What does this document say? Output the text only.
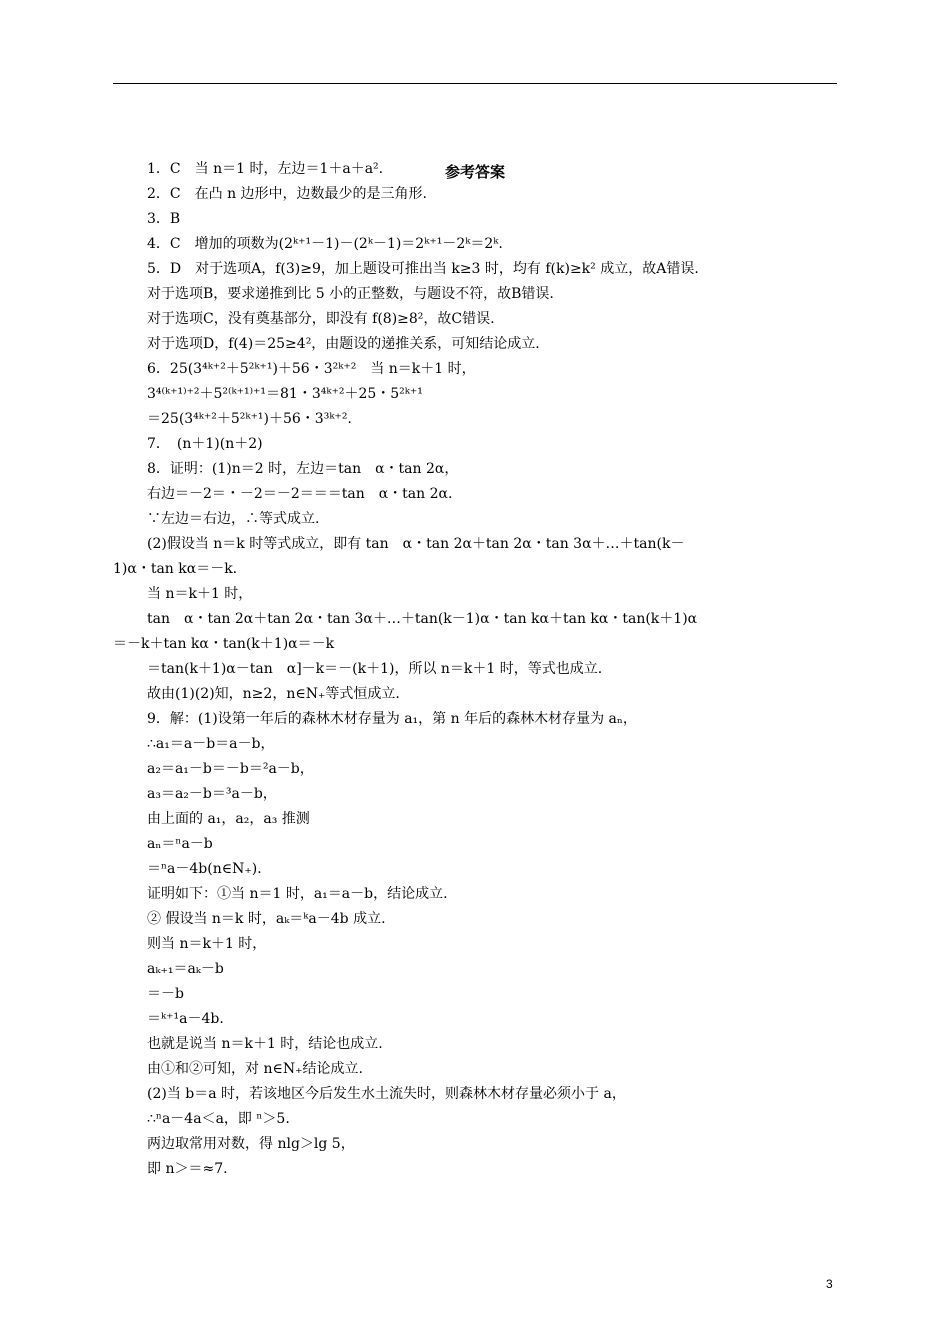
参考答案
1．C　当 n＝1 时，左边＝1＋a＋a².
2．C　在凸 n 边形中，边数最少的是三角形.
3．B
4．C　增加的项数为(2ᵏ⁺¹－1)－(2ᵏ－1)＝2ᵏ⁺¹－2ᵏ＝2ᵏ.
5．D　对于选项A，f(3)≥9，加上题设可推出当 k≥3 时，均有 f(k)≥k² 成立，故A错误.
对于选项B，要求递推到比 5 小的正整数，与题设不符，故B错误.
对于选项C，没有奠基部分，即没有 f(8)≥8²，故C错误.
对于选项D，f(4)＝25≥4²，由题设的递推关系，可知结论成立.
6．25(3⁴ᵏ⁺²＋5²ᵏ⁺¹)＋56・3²ᵏ⁺²　当 n＝k＋1 时，
3⁴⁽ᵏ⁺¹⁾⁺²＋5²⁽ᵏ⁺¹⁾⁺¹＝81・3⁴ᵏ⁺²＋25・5²ᵏ⁺¹
＝25(3⁴ᵏ⁺²＋5²ᵏ⁺¹)＋56・3³ᵏ⁺².
7．　(n＋1)(n＋2)
8．证明：(1)n＝2 时，左边＝tan　α・tan 2α，
右边＝－2＝・－2＝－2＝＝＝tan　α・tan 2α.
∵左边＝右边，∴等式成立.
(2)假设当 n＝k 时等式成立，即有 tan　α・tan 2α＋tan 2α・tan 3α＋…＋tan(k－
1)α・tan kα＝－k.
当 n＝k＋1 时，
tan　α・tan 2α＋tan 2α・tan 3α＋…＋tan(k－1)α・tan kα＋tan kα・tan(k＋1)α
＝－k＋tan kα・tan(k＋1)α＝－k
＝tan(k＋1)α－tan　α]－k＝－(k＋1)，所以 n＝k＋1 时，等式也成立.
故由(1)(2)知，n≥2，n∈N₊等式恒成立.
9．解：(1)设第一年后的森林木材存量为 a₁，第 n 年后的森林木材存量为 aₙ，
∴a₁＝a－b＝a－b，
a₂＝a₁－b＝－b＝²a－b，
a₃＝a₂－b＝³a－b，
由上面的 a₁，a₂，a₃ 推测
aₙ＝ⁿa－b
＝ⁿa－4b(n∈N₊).
证明如下：①当 n＝1 时，a₁＝a－b，结论成立.
② 假设当 n＝k 时，aₖ＝ᵏa－4b 成立.
则当 n＝k＋1 时，
aₖ₊₁＝aₖ－b
＝－b
＝ᵏ⁺¹a－4b.
也就是说当 n＝k＋1 时，结论也成立.
由①和②可知，对 n∈N₊结论成立.
(2)当 b＝a 时，若该地区今后发生水土流失时，则森林木材存量必须小于 a，
∴ⁿa－4a＜a，即 ⁿ＞5.
两边取常用对数，得 nlg＞lg 5，
即 n＞＝≈7.
3
